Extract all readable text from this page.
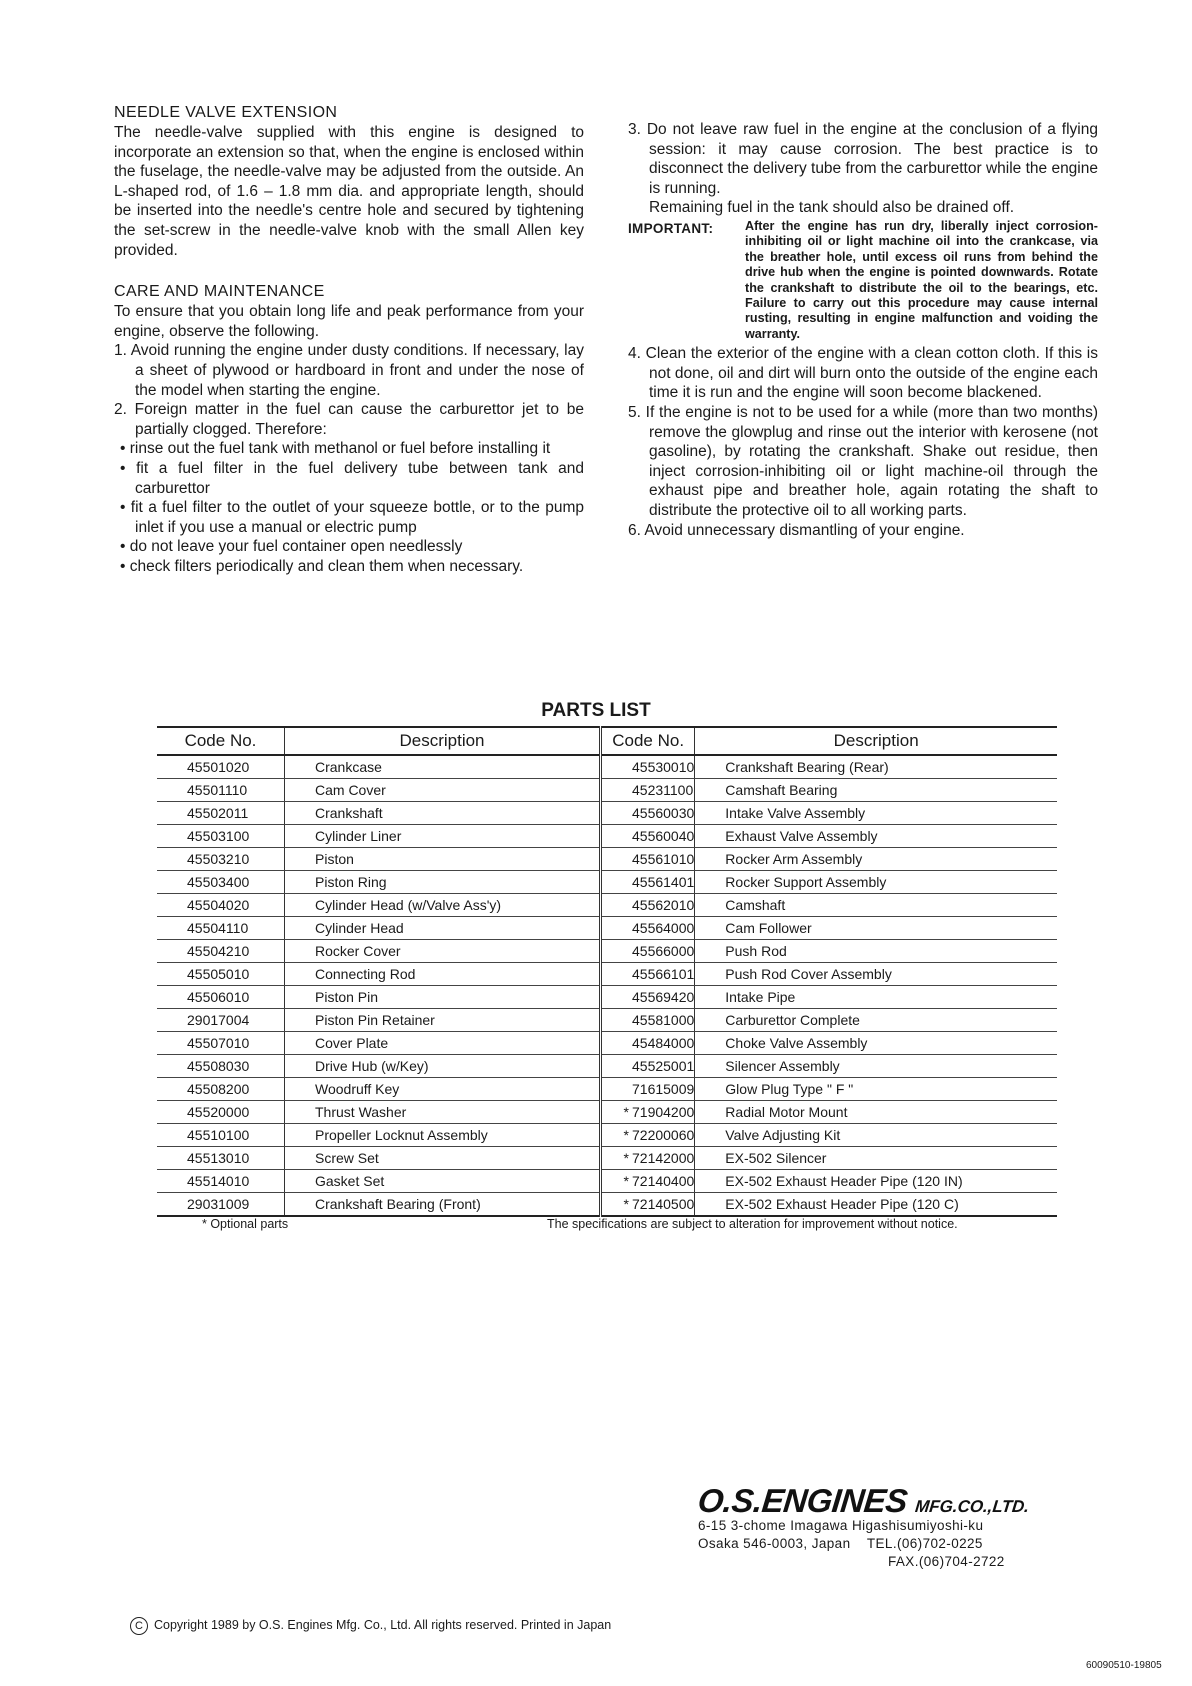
NEEDLE VALVE EXTENSION

The needle-valve supplied with this engine is designed to incorporate an extension so that, when the engine is enclosed within the fuselage, the needle-valve may be adjusted from the outside. An L-shaped rod, of 1.6 – 1.8 mm dia. and appropriate length, should be inserted into the needle's centre hole and secured by tightening the set-screw in the needle-valve knob with the small Allen key provided.

CARE AND MAINTENANCE

To ensure that you obtain long life and peak performance from your engine, observe the following.

1. Avoid running the engine under dusty conditions. If necessary, lay a sheet of plywood or hardboard in front and under the nose of the model when starting the engine.

2. Foreign matter in the fuel can cause the carburettor jet to be partially clogged. Therefore:

• rinse out the fuel tank with methanol or fuel before installing it

• fit a fuel filter in the fuel delivery tube between tank and carburettor

• fit a fuel filter to the outlet of your squeeze bottle, or to the pump inlet if you use a manual or electric pump

• do not leave your fuel container open needlessly

• check filters periodically and clean them when necessary.

3. Do not leave raw fuel in the engine at the conclusion of a flying session: it may cause corrosion. The best practice is to disconnect the delivery tube from the carburettor while the engine is running.

Remaining fuel in the tank should also be drained off.

IMPORTANT:	After the engine has run dry, liberally inject corrosion-inhibiting oil or light machine oil into the crankcase, via the breather hole, until excess oil runs from behind the drive hub when the engine is pointed downwards. Rotate the crankshaft to distribute the oil to the bearings, etc. Failure to carry out this procedure may cause internal rusting, resulting in engine malfunction and voiding the warranty.

4. Clean the exterior of the engine with a clean cotton cloth. If this is not done, oil and dirt will burn onto the outside of the engine each time it is run and the engine will soon become blackened.

5. If the engine is not to be used for a while (more than two months) remove the glowplug and rinse out the interior with kerosene (not gasoline), by rotating the crankshaft. Shake out residue, then inject corrosion-inhibiting oil or light machine-oil through the exhaust pipe and breather hole, again rotating the shaft to distribute the protective oil to all working parts.

6. Avoid unnecessary dismantling of your engine.

PARTS LIST
Code No.	Description	Code No.	Description
45501020	Crankcase	45530010	Crankshaft Bearing (Rear)
45501110	Cam Cover	45231100	Camshaft Bearing
45502011	Crankshaft	45560030	Intake Valve Assembly
45503100	Cylinder Liner	45560040	Exhaust Valve Assembly
45503210	Piston	45561010	Rocker Arm Assembly
45503400	Piston Ring	45561401	Rocker Support Assembly
45504020	Cylinder Head (w/Valve Ass'y)	45562010	Camshaft
45504110	Cylinder Head	45564000	Cam Follower
45504210	Rocker Cover	45566000	Push Rod
45505010	Connecting Rod	45566101	Push Rod Cover Assembly
45506010	Piston Pin	45569420	Intake Pipe
29017004	Piston Pin Retainer	45581000	Carburettor Complete
45507010	Cover Plate	45484000	Choke Valve Assembly
45508030	Drive Hub (w/Key)	45525001	Silencer Assembly
45508200	Woodruff Key	71615009	Glow Plug Type " F "
45520000	Thrust Washer	* 71904200	Radial Motor Mount
45510100	Propeller Locknut Assembly	* 72200060	Valve Adjusting Kit
45513010	Screw Set	* 72142000	EX-502 Silencer
45514010	Gasket Set	* 72140400	EX-502 Exhaust Header Pipe (120 IN)
29031009	Crankshaft Bearing (Front)	* 72140500	EX-502 Exhaust Header Pipe (120 C)
* Optional parts	The specifications are subject to alteration for improvement without notice.
O.S.ENGINES MFG.CO.,LTD.
6-15 3-chome Imagawa Higashisumiyoshi-ku
Osaka 546-0003, Japan    TEL.(06)702-0225
FAX.(06)704-2722
C Copyright 1989 by O.S. Engines Mfg. Co., Ltd. All rights reserved. Printed in Japan
60090510-19805
